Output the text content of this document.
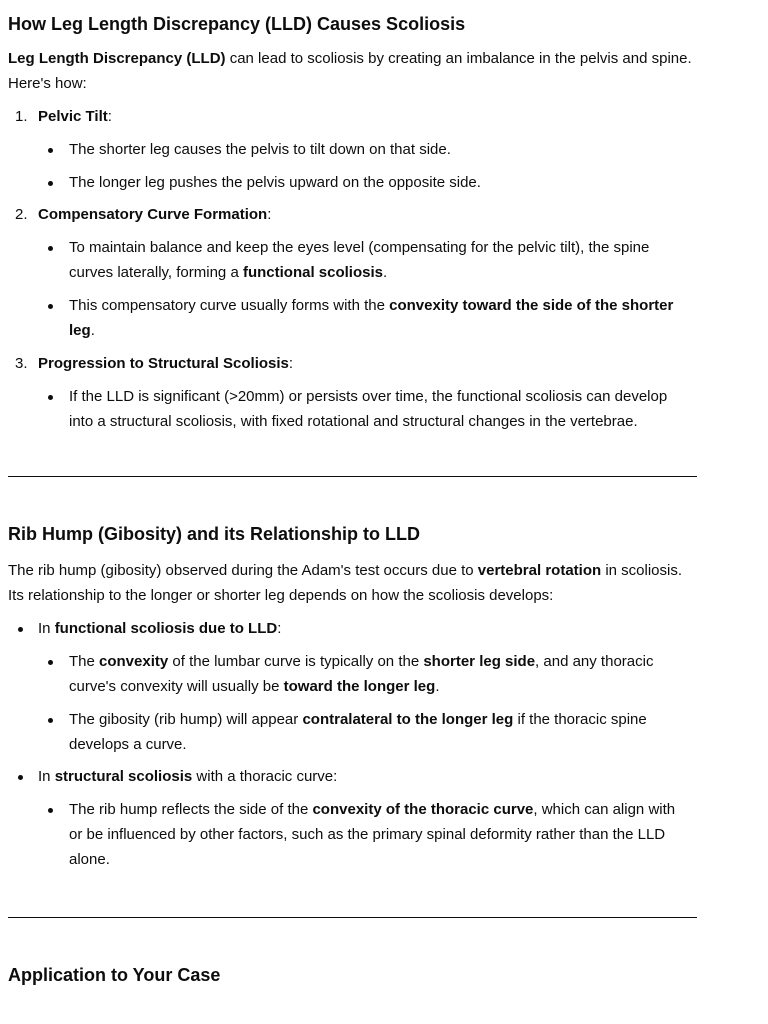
How Leg Length Discrepancy (LLD) Causes Scoliosis

Leg Length Discrepancy (LLD) can lead to scoliosis by creating an imbalance in the pelvis and spine. Here's how:

1. Pelvic Tilt:
The shorter leg causes the pelvis to tilt down on that side.
The longer leg pushes the pelvis upward on the opposite side.
2. Compensatory Curve Formation:
To maintain balance and keep the eyes level (compensating for the pelvic tilt), the spine curves laterally, forming a functional scoliosis.
This compensatory curve usually forms with the convexity toward the side of the shorter leg.
3. Progression to Structural Scoliosis:
If the LLD is significant (>20mm) or persists over time, the functional scoliosis can develop into a structural scoliosis, with fixed rotational and structural changes in the vertebrae.
Rib Hump (Gibosity) and its Relationship to LLD

The rib hump (gibosity) observed during the Adam's test occurs due to vertebral rotation in scoliosis. Its relationship to the longer or shorter leg depends on how the scoliosis develops:

In functional scoliosis due to LLD:
The convexity of the lumbar curve is typically on the shorter leg side, and any thoracic curve's convexity will usually be toward the longer leg.
The gibosity (rib hump) will appear contralateral to the longer leg if the thoracic spine develops a curve.
In structural scoliosis with a thoracic curve:
The rib hump reflects the side of the convexity of the thoracic curve, which can align with or be influenced by other factors, such as the primary spinal deformity rather than the LLD alone.
Application to Your Case
